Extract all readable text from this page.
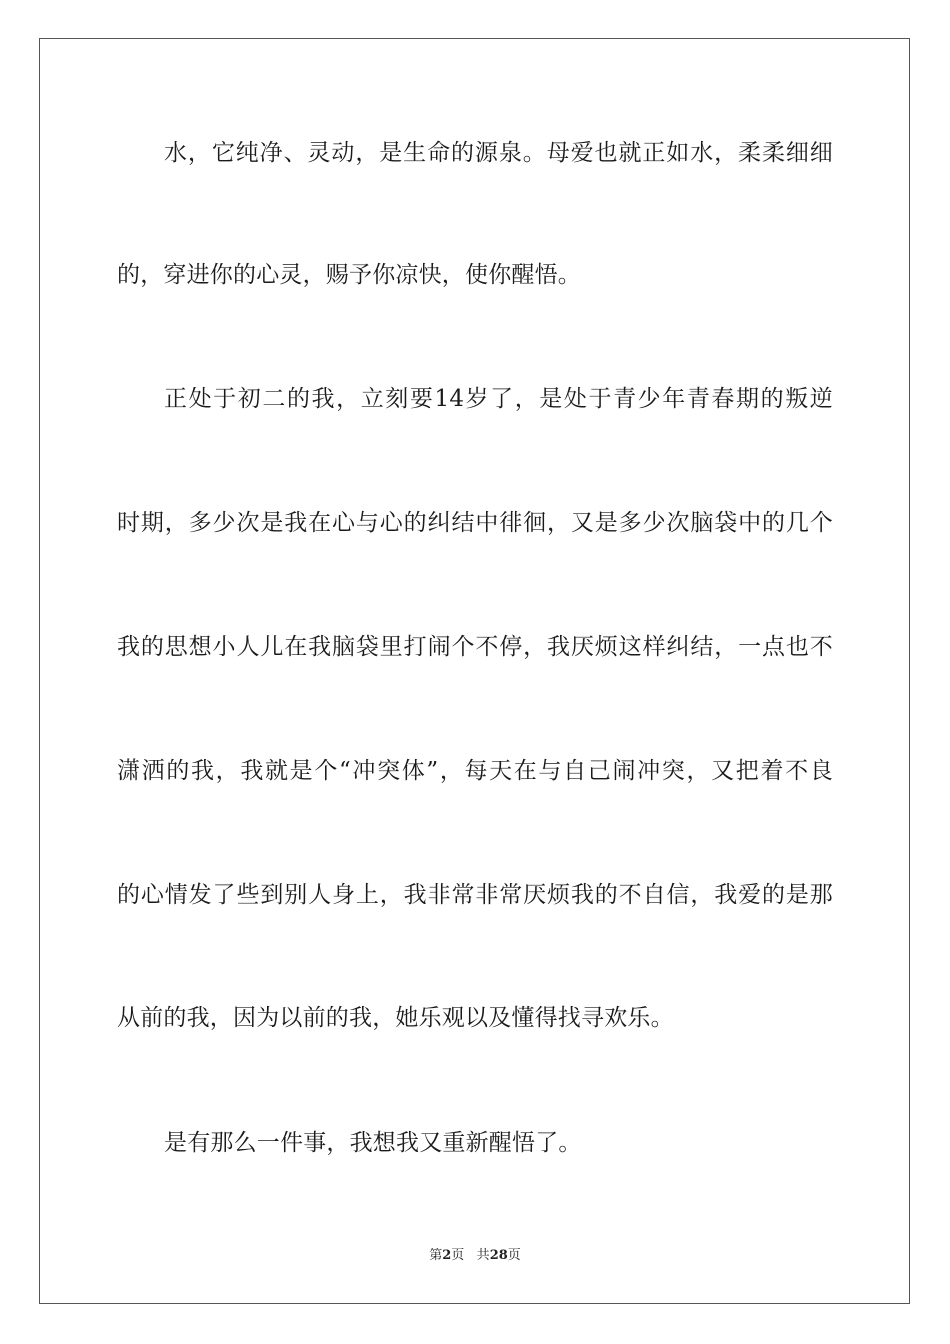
水，它纯净、灵动，是生命的源泉。母爱也就正如水，柔柔细细
的，穿进你的心灵，赐予你凉快，使你醒悟。
正处于初二的我，立刻要14岁了，是处于青少年青春期的叛逆
时期，多少次是我在心与心的纠结中徘徊，又是多少次脑袋中的几个
我的思想小人儿在我脑袋里打闹个不停，我厌烦这样纠结，一点也不
潇洒的我，我就是个“冲突体”，每天在与自己闹冲突，又把着不良
的心情发了些到别人身上，我非常非常厌烦我的不自信，我爱的是那
从前的我，因为以前的我，她乐观以及懂得找寻欢乐。
是有那么一件事，我想我又重新醒悟了。
第2页 共28页
